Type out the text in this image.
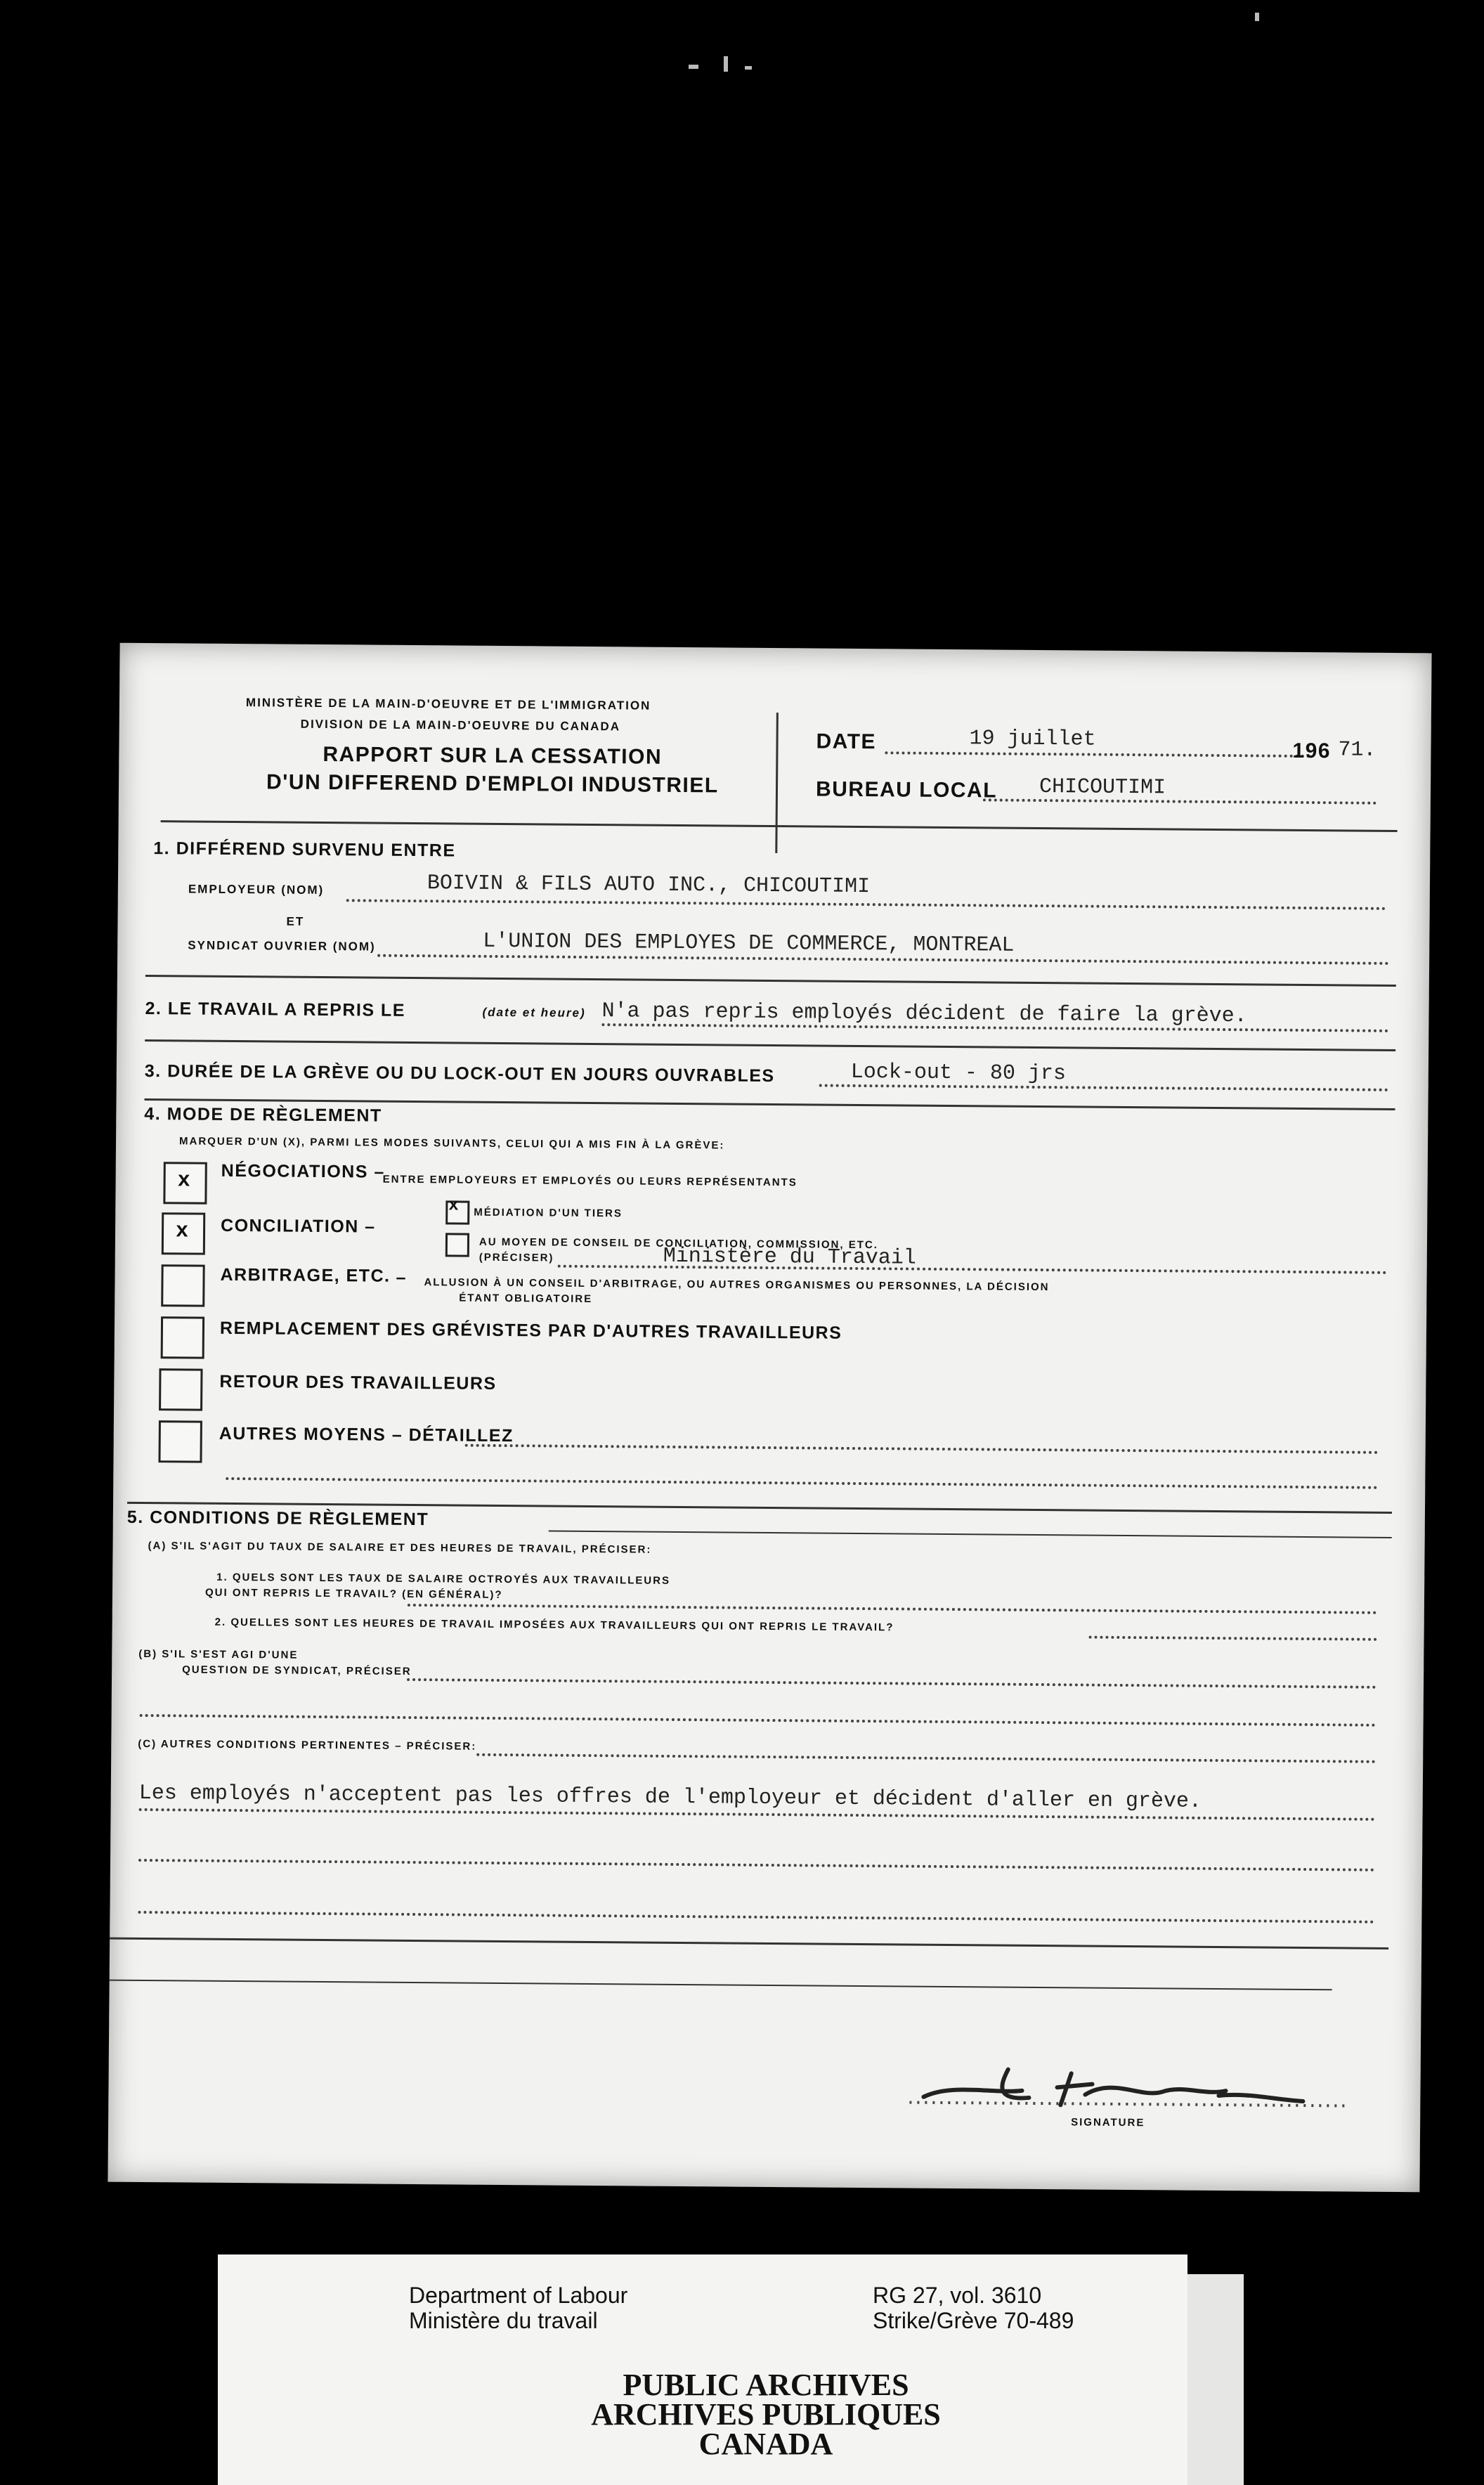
MINISTÈRE DE LA MAIN-D'OEUVRE ET DE L'IMMIGRATION
DIVISION DE LA MAIN-D'OEUVRE DU CANADA
RAPPORT SUR LA CESSATION
D'UN DIFFEREND D'EMPLOI INDUSTRIEL
DATE	19 juillet	196 71.
BUREAU LOCAL CHICOUTIMI
1. DIFFÉREND SURVENU ENTRE
EMPLOYEUR (NOM)	BOIVIN & FILS AUTO INC., CHICOUTIMI
ET
SYNDICAT OUVRIER (NOM)	L'UNION DES EMPLOYES DE COMMERCE, MONTREAL
2. LE TRAVAIL A REPRIS LE	(date et heure) N'a pas repris employés décident de faire la grève.
3. DURÉE DE LA GRÈVE OU DU LOCK-OUT EN JOURS OUVRABLES	Lock-out - 80 jrs
4. MODE DE RÈGLEMENT
MARQUER D'UN (X), PARMI LES MODES SUIVANTS, CELUI QUI A MIS FIN À LA GRÈVE:
x NÉGOCIATIONS –
ENTRE EMPLOYEURS ET EMPLOYÉS OU LEURS REPRÉSENTANTS
x CONCILIATION –
x MÉDIATION D'UN TIERS
AU MOYEN DE CONSEIL DE CONCILIATION, COMMISSION, ETC.
(PRÉCISER)	Ministère du Travail
ARBITRAGE, ETC. – ALLUSION À UN CONSEIL D'ARBITRAGE, OU AUTRES ORGANISMES OU PERSONNES, LA DÉCISION
ÉTANT OBLIGATOIRE
REMPLACEMENT DES GRÉVISTES PAR D'AUTRES TRAVAILLEURS
RETOUR DES TRAVAILLEURS
AUTRES MOYENS – DÉTAILLEZ
5. CONDITIONS DE RÈGLEMENT
(A) S'IL S'AGIT DU TAUX DE SALAIRE ET DES HEURES DE TRAVAIL, PRÉCISER:
1. QUELS SONT LES TAUX DE SALAIRE OCTROYÉS AUX TRAVAILLEURS
QUI ONT REPRIS LE TRAVAIL? (EN GÉNÉRAL)?
2. QUELLES SONT LES HEURES DE TRAVAIL IMPOSÉES AUX TRAVAILLEURS QUI ONT REPRIS LE TRAVAIL?
(B) S'IL S'EST AGI D'UNE
QUESTION DE SYNDICAT, PRÉCISER
(C) AUTRES CONDITIONS PERTINENTES – PRÉCISER:
Les employés n'acceptent pas les offres de l'employeur et décident d'aller en grève.
SIGNATURE
Department of Labour
Ministère du travail
RG 27, vol. 3610
Strike/Grève 70-489
PUBLIC ARCHIVES
ARCHIVES PUBLIQUES
CANADA
